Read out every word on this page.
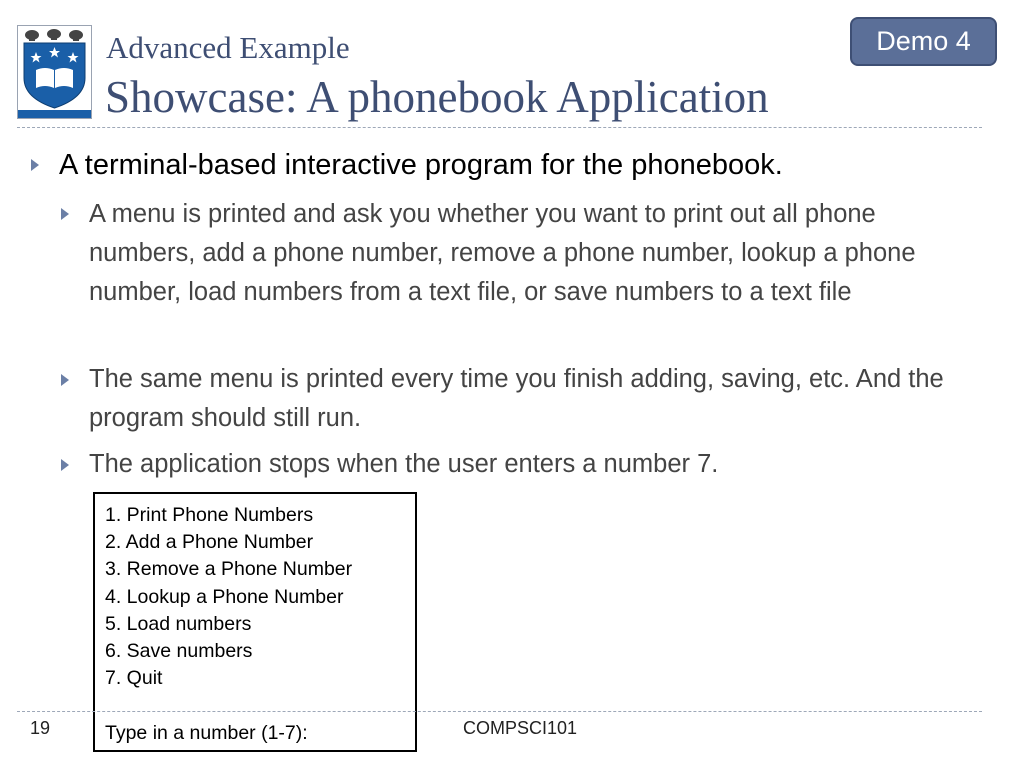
Advanced Example
Showcase: A phonebook Application
Demo 4
A terminal-based interactive program for the phonebook.
A menu is printed and ask you whether you want to print out all phone numbers, add a phone number, remove a phone number, lookup a phone number, load numbers from a text file, or save numbers to a text file
The same menu is printed every time you finish adding, saving, etc. And the program should still run.
The application stops when the user enters a number 7.
1. Print Phone Numbers
2. Add a Phone Number
3. Remove a Phone Number
4. Lookup a Phone Number
5. Load numbers
6. Save numbers
7. Quit
Type in a number (1-7):
19	COMPSCI101
